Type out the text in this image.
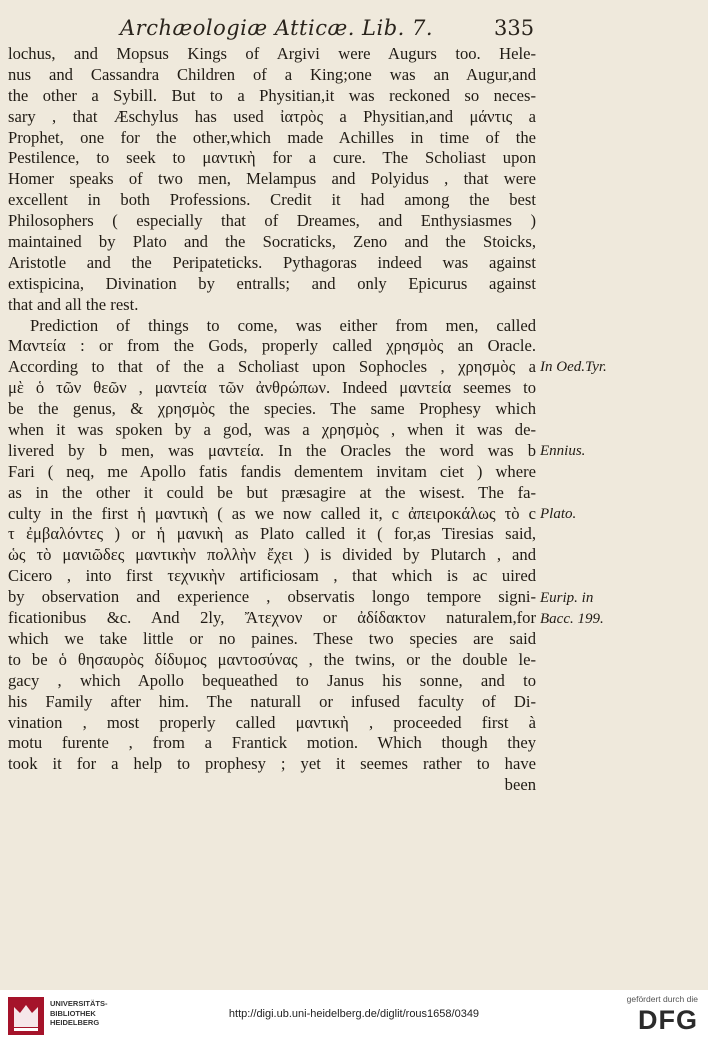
Archæologiæ Atticæ. Lib. 7.	335
lochus, and Mopsus Kings of Argivi were Augurs too. Hele-
nus and Cassandra Children of a King;one was an Augur,and
the other a Sybill. But to a Physitian,it was reckoned so neces-
sary , that Æschylus has used ἰατρὸς a Physitian,and μάντις a
Prophet, one for the other,which made Achilles in time of the
Pestilence, to seek to μαντικὴ for a cure. The Scholiast upon
Homer speaks of two men, Melampus and Polyidus , that were
excellent in both Professions. Credit it had among the best
Philosophers ( especially that of Dreames, and Enthysiasmes )
maintained by Plato and the Socraticks, Zeno and the Stoicks,
Aristotle and the Peripateticks. Pythagoras indeed was against
extispicina, Divination by entralls; and only Epicurus against
that and all the rest.
Prediction of things to come, was either from men, called
Μαντεία : or from the Gods, properly called χρησμὸς an Oracle.
According to that of the a Scholiast upon Sophocles , χρησμὸς a
μὲ ὁ τῶν θεῶν , μαντεία τῶν ἀνθρώπων. Indeed μαντεία seemes to
be the genus, & χρησμὸς the species. The same Prophesy which
when it was spoken by a god, was a χρησμὸς , when it was de-
livered by b men, was μαντεία. In the Oracles the word was b
Fari ( neq, me Apollo fatis fandis dementem invitam ciet ) where
as in the other it could be but præsagire at the wisest. The fa-
culty in the first ἡ μαντικὴ ( as we now called it, c ἀπειροκάλως τὸ c
τ ἐμβαλόντες ) or ἡ μανικὴ as Plato called it ( for,as Tiresias said,
ὡς τὸ μανιῶδες μαντικὴν πολλὴν ἔχει ) is divided by Plutarch , and
Cicero , into first τεχνικὴν artificiosam , that which is ac uired
by observation and experience , observatis longo tempore signi-
ficationibus &c. And 2ly, Ἄτεχνον or ἀδίδακτον naturalem,for
which we take little or no paines. These two species are said
to be ὁ θησαυρὸς δίδυμος μαντοσύνας , the twins, or the double le-
gacy , which Apollo bequeathed to Janus his sonne, and to
his Family after him. The naturall or infused faculty of Di-
vination , most properly called μαντικὴ , proceeded first à
motu furente , from a Frantick motion. Which though they
took it for a help to prophesy ; yet it seemes rather to have
been
In Oed.Tyr.
Ennius.
Plato.
Eurip. in
Bacc. 199.
UNIVERSITÄTS-
BIBLIOTHEK
HEIDELBERG
http://digi.ub.uni-heidelberg.de/diglit/rous1658/0349
gefördert durch die
DFG
